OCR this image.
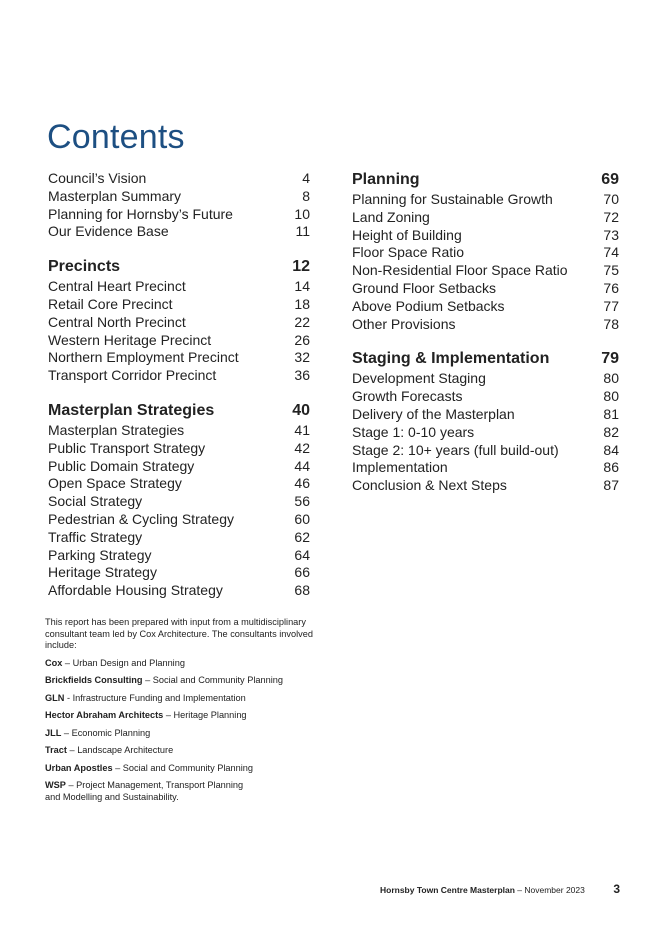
Contents
Council’s Vision	4
Masterplan Summary	8
Planning for Hornsby’s Future	10
Our Evidence Base	11
Precincts	12
Central Heart Precinct	14
Retail Core Precinct	18
Central North Precinct	22
Western Heritage Precinct	26
Northern Employment Precinct	32
Transport Corridor Precinct	36
Masterplan Strategies	40
Masterplan Strategies	41
Public Transport Strategy	42
Public Domain Strategy	44
Open Space Strategy	46
Social Strategy	56
Pedestrian & Cycling Strategy	60
Traffic Strategy	62
Parking Strategy	64
Heritage Strategy	66
Affordable Housing Strategy	68
Planning	69
Planning for Sustainable Growth	70
Land Zoning	72
Height of Building	73
Floor Space Ratio	74
Non-Residential Floor Space Ratio	75
Ground Floor Setbacks	76
Above Podium Setbacks	77
Other Provisions	78
Staging & Implementation	79
Development Staging	80
Growth Forecasts	80
Delivery of the Masterplan	81
Stage 1: 0-10 years	82
Stage 2: 10+ years (full build-out)	84
Implementation	86
Conclusion & Next Steps	87

This report has been prepared with input from a multidisciplinary consultant team led by Cox Architecture. The consultants involved include:

Cox – Urban Design and Planning

Brickfields Consulting – Social and Community Planning

GLN - Infrastructure Funding and Implementation

Hector Abraham Architects – Heritage Planning

JLL – Economic Planning

Tract – Landscape Architecture

Urban Apostles – Social and Community Planning

WSP – Project Management, Transport Planning and Modelling and Sustainability.

Hornsby Town Centre Masterplan – November 2023 3
